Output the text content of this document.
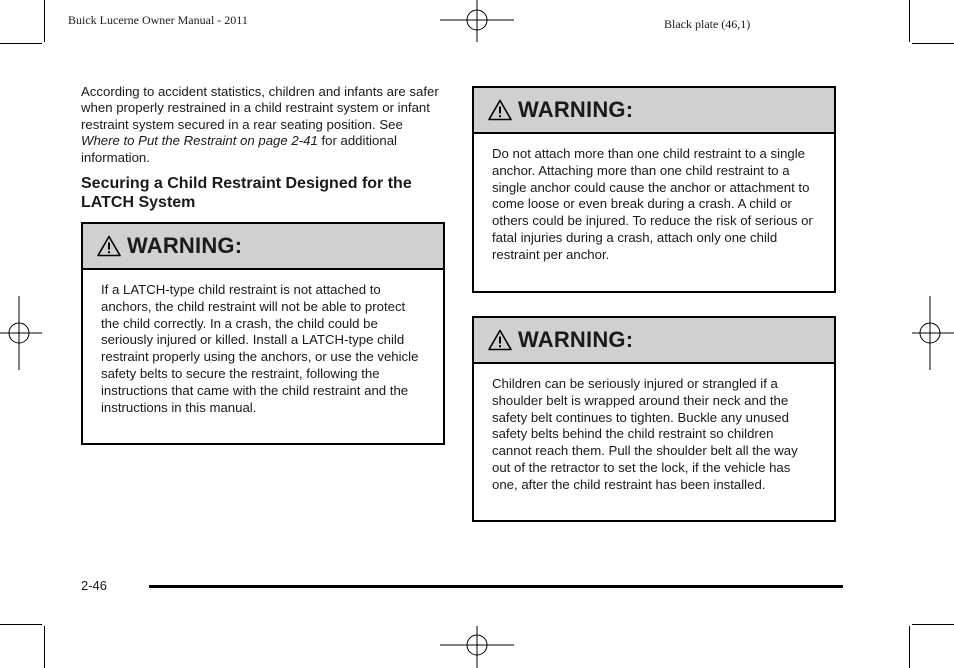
Buick Lucerne Owner Manual - 2011	Black plate (46,1)

According to accident statistics, children and infants are safer when properly restrained in a child restraint system or infant restraint system secured in a rear seating position. See Where to Put the Restraint on page 2-41 for additional information.

Securing a Child Restraint Designed for the LATCH System
WARNING:

If a LATCH-type child restraint is not attached to anchors, the child restraint will not be able to protect the child correctly. In a crash, the child could be seriously injured or killed. Install a LATCH-type child restraint properly using the anchors, or use the vehicle safety belts to secure the restraint, following the instructions that came with the child restraint and the instructions in this manual.

WARNING:

Do not attach more than one child restraint to a single anchor. Attaching more than one child restraint to a single anchor could cause the anchor or attachment to come loose or even break during a crash. A child or others could be injured. To reduce the risk of serious or fatal injuries during a crash, attach only one child restraint per anchor.

WARNING:

Children can be seriously injured or strangled if a shoulder belt is wrapped around their neck and the safety belt continues to tighten. Buckle any unused safety belts behind the child restraint so children cannot reach them. Pull the shoulder belt all the way out of the retractor to set the lock, if the vehicle has one, after the child restraint has been installed.

2-46
